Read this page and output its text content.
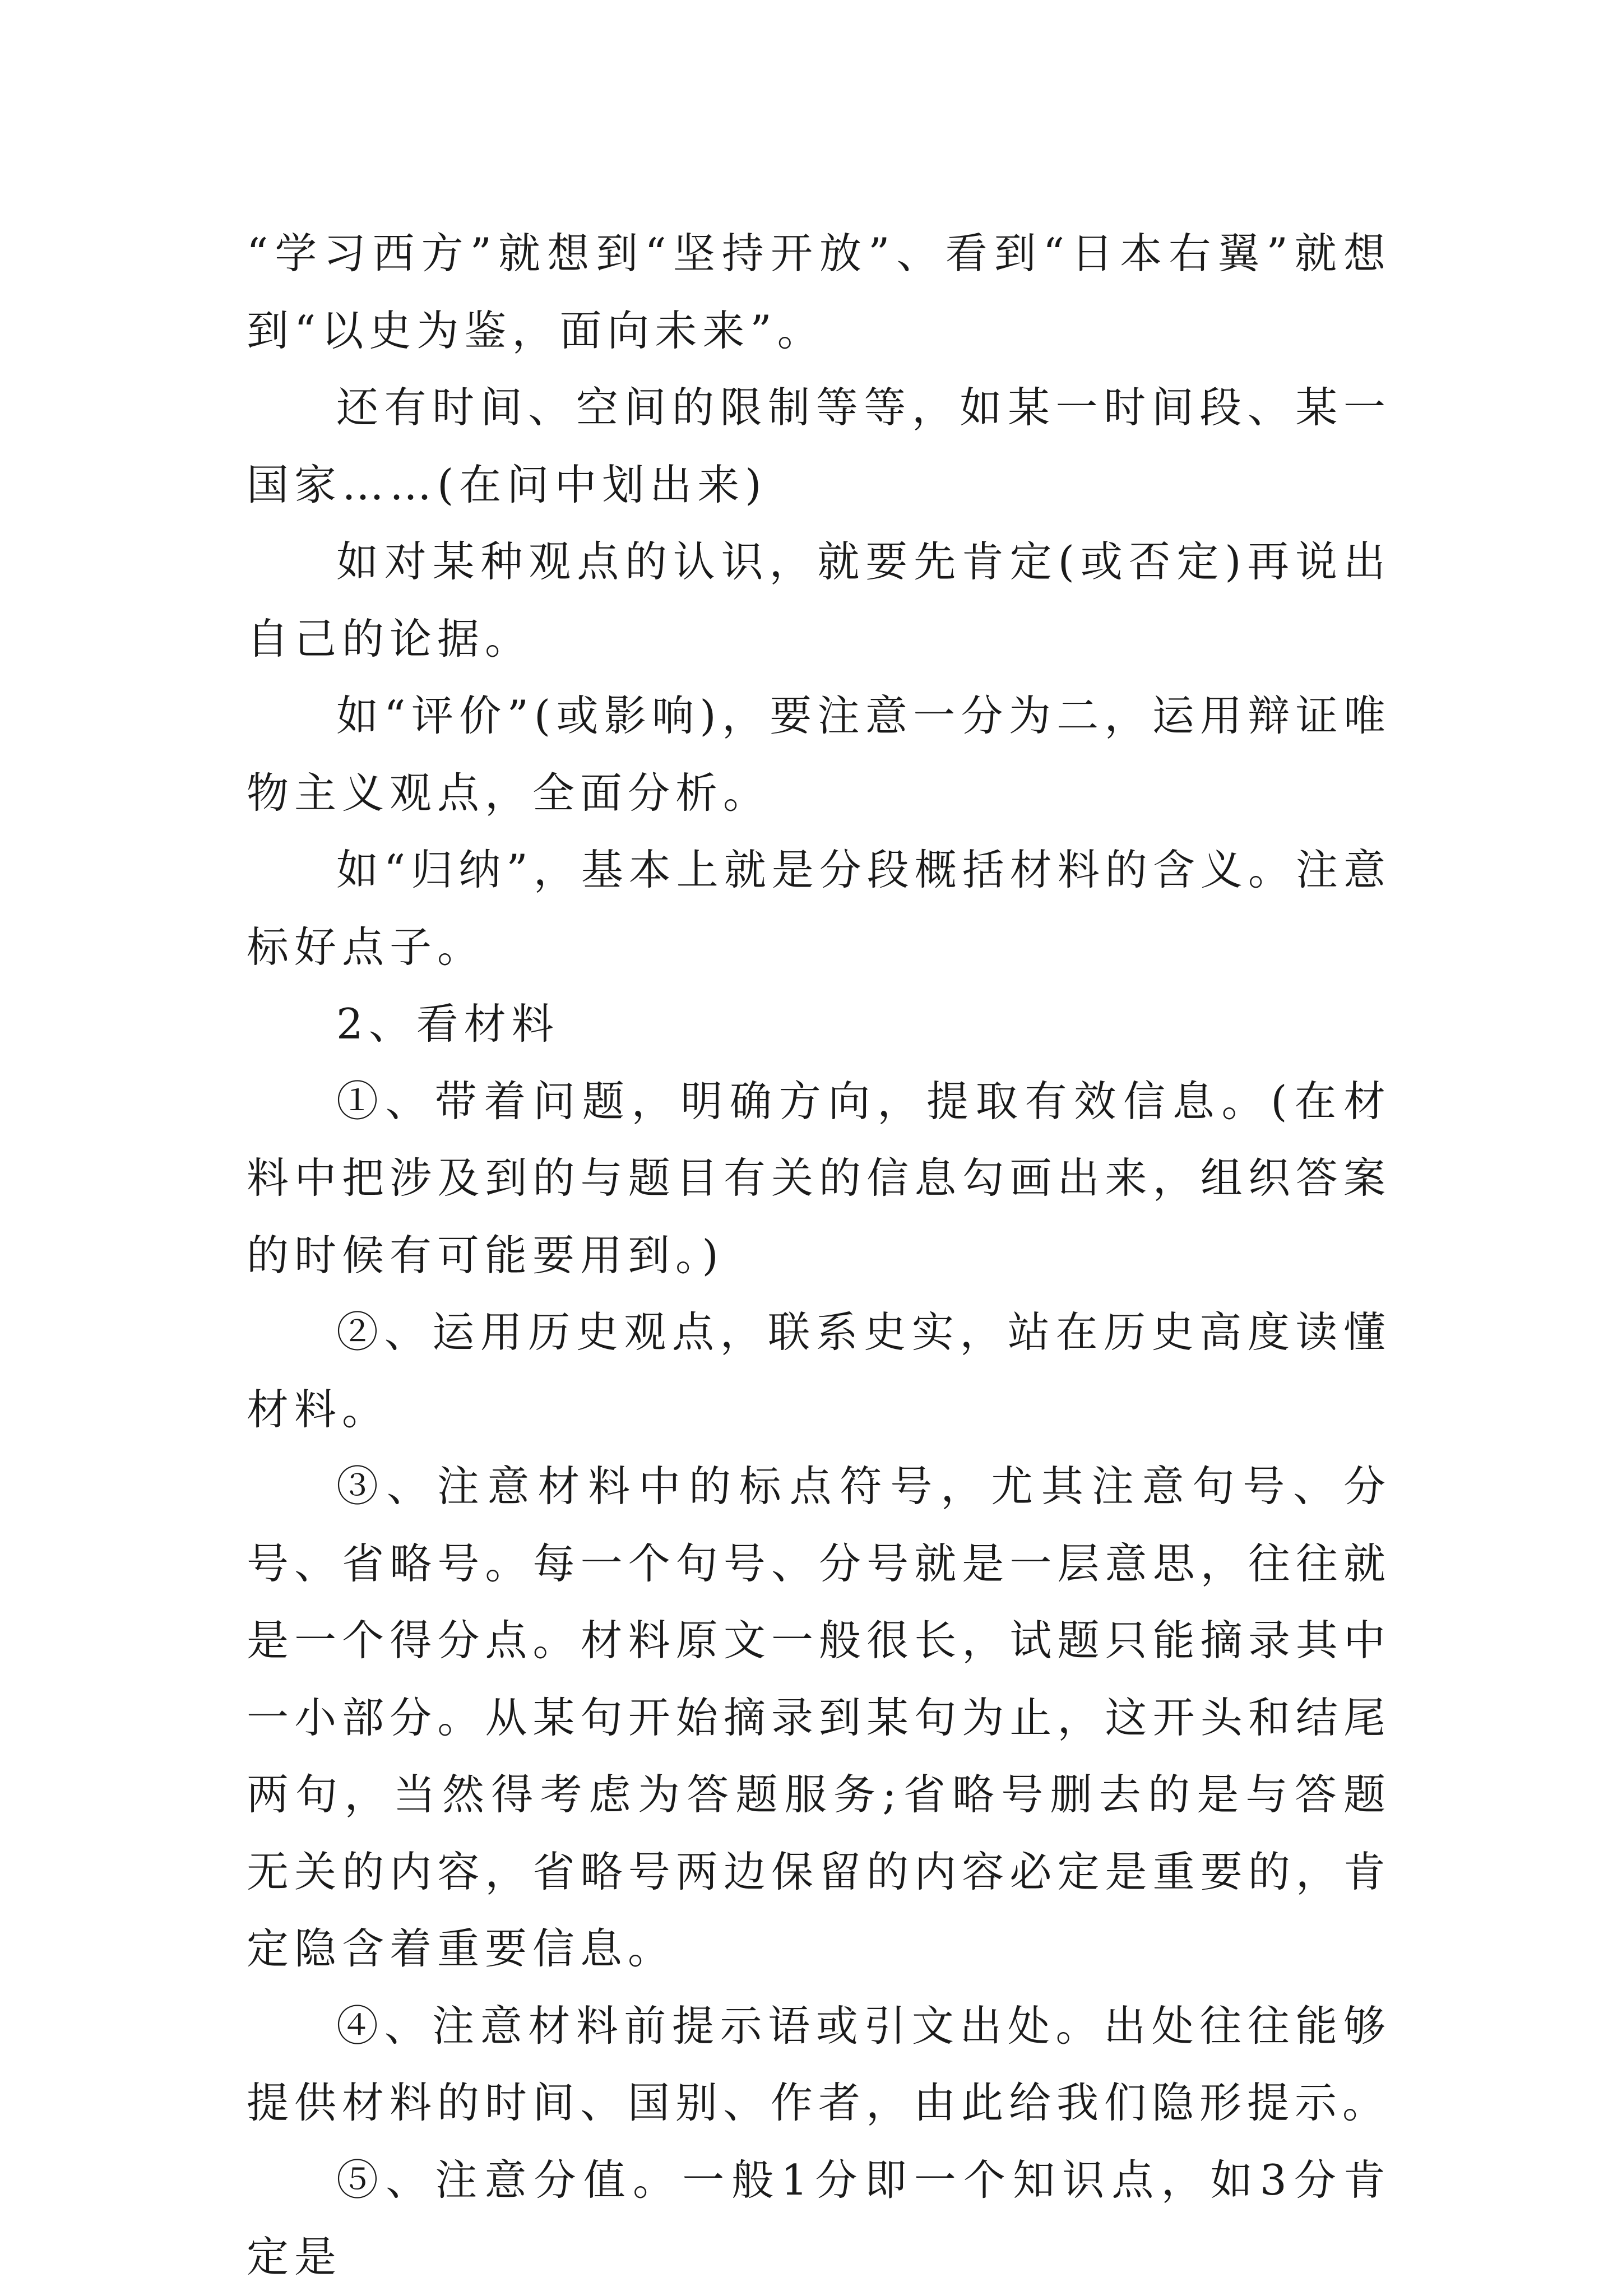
“学习西方”就想到“坚持开放”、看到“日本右翼”就想到“以史为鉴，面向未来”。

还有时间、空间的限制等等，如某一时间段、某一国家……(在问中划出来)

如对某种观点的认识，就要先肯定(或否定)再说出自己的论据。

如“评价”(或影响)，要注意一分为二，运用辩证唯物主义观点，全面分析。

如“归纳”，基本上就是分段概括材料的含义。注意标好点子。

2、看材料

①、带着问题，明确方向，提取有效信息。(在材料中把涉及到的与题目有关的信息勾画出来，组织答案的时候有可能要用到。)

②、运用历史观点，联系史实，站在历史高度读懂材料。

③、注意材料中的标点符号，尤其注意句号、分号、省略号。每一个句号、分号就是一层意思，往往就是一个得分点。材料原文一般很长，试题只能摘录其中一小部分。从某句开始摘录到某句为止，这开头和结尾两句，当然得考虑为答题服务;省略号删去的是与答题无关的内容，省略号两边保留的内容必定是重要的，肯定隐含着重要信息。

④、注意材料前提示语或引文出处。出处往往能够提供材料的时间、国别、作者，由此给我们隐形提示。

⑤、注意分值。一般1分即一个知识点，如3分肯定是
